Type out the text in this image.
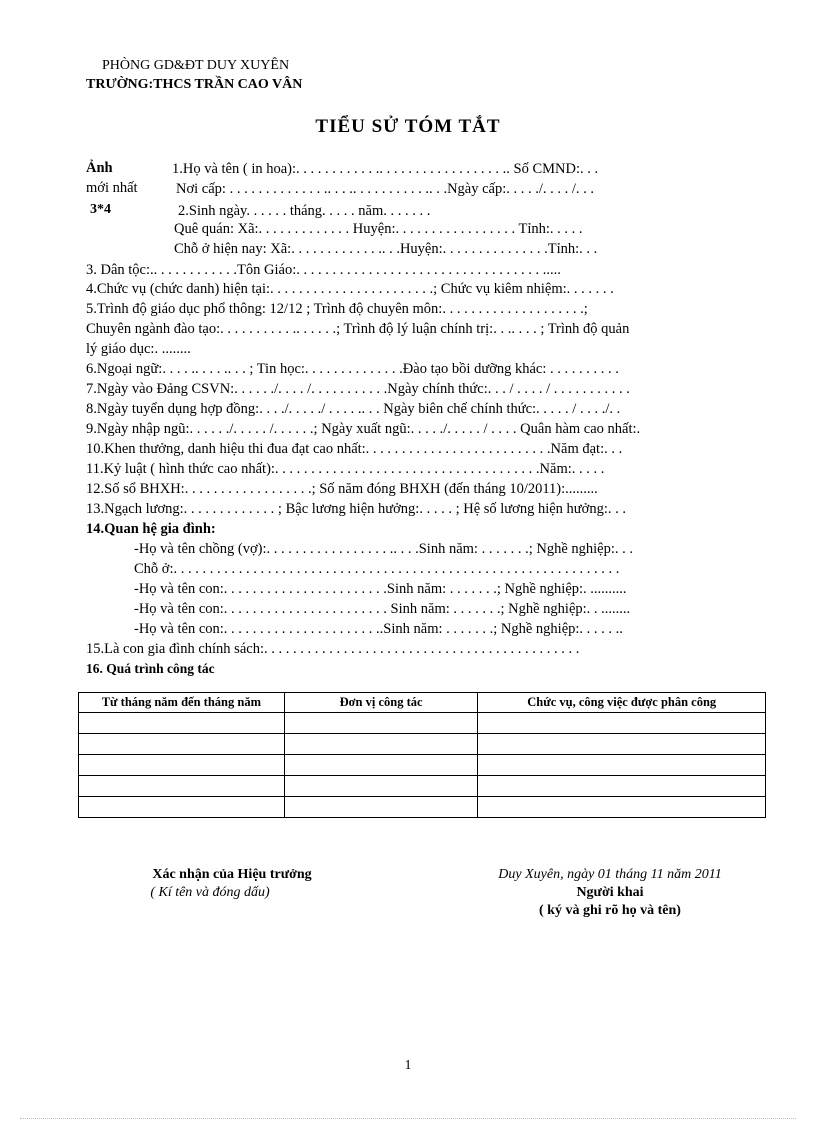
PHÒNG GD&ĐT DUY XUYÊN
TRƯỜNG:THCS TRẦN CAO VÂN
TIỂU SỬ TÓM TẮT
Ảnh
mới nhất
3*4
1.Họ và tên ( in hoa):. . . . . . . . . . . .. . . . . . . . . . . . . . . . . .. Số CMND:. . .
Nơi cấp: . . . . . . . . . . . . . .. . . .. . . . . . . . . . .. . .Ngày cấp:. . . . ./. . . . /. . .
2.Sinh ngày. . . . . . tháng. . . . . năm. . . . . . .
Quê quán: Xã:. . . . . . . . . . . . . Huyện:. . . . . . . . . . . . . . . . . Tỉnh:. . . . .
Chỗ ở hiện nay: Xã:. . . . . . . . . . . . .. . .Huyện:. . . . . . . . . . . . . . .Tỉnh:. . .
3. Dân tộc:.. . . . . . . . . . . .Tôn Giáo:. . . . . . . . . . . . . . . . . . . . . . . . . . . . . . . . . . .....
4.Chức vụ (chức danh) hiện tại:. . . . . . . . . . . . . . . . . . . . . . .; Chức vụ kiêm nhiệm:. . . . . . .
5.Trình độ giáo dục phổ thông: 12/12 ; Trình độ chuyên môn:. . . . . . . . . . . . . . . . . . . .;
Chuyên ngành đào tạo:. . . . . . . . . . .. . . . . .; Trình độ lý luận chính trị:. . .. . . . ; Trình độ quản
lý giáo dục:. ........
6.Ngoại ngữ:. . . . .. . . . .. . . ; Tin học:. . . . . . . . . . . . . .Đào tạo bồi dưỡng khác: . . . . . . . . . .
7.Ngày vào Đảng CSVN:. . . . . ./. . . . /. . . . . . . . . . .Ngày chính thức:. . . / . . . . / . . . . . . . . . . .
8.Ngày tuyển dụng hợp đồng:. . . ./. . . . ./ . . . . .. . . Ngày biên chế chính thức:. . . . . / . . . ./. .
9.Ngày nhập ngũ:. . . . . ./. . . . . /. . . . . .; Ngày xuất ngũ:. . . . ./. . . . . / . . . . Quân hàm cao nhất:.
10.Khen thưởng, danh hiệu thi đua đạt cao nhất:. . . . . . . . . . . . . . . . . . . . . . . . . .Năm đạt:. . .
11.Kỷ luật ( hình thức cao nhất):. . . . . . . . . . . . . . . . . . . . . . . . . . . . . . . . . . . . .Năm:. . . . .
12.Số sổ BHXH:. . . . . . . . . . . . . . . . . .; Số năm đóng BHXH (đến tháng 10/2011):.........
13.Ngạch lương:. . . . . . . . . . . . . ; Bậc lương hiện hưởng:. . . . . ; Hệ số lương hiện hưởng:. . .
14.Quan hệ gia đình:
-Họ và tên chồng (vợ):. . . . . . . . . . . . . . . . . .. . . .Sinh năm: . . . . . . .; Nghề nghiệp:. . .
Chỗ ở:. . . . . . . . . . . . . . . . . . . . . . . . . . . . . . . . . . . . . . . . . . . . . . . . . . . . . . . . . . . . . .
-Họ và tên con:. . . . . . . . . . . . . . . . . . . . . . .Sinh năm: . . . . . . .; Nghề nghiệp:. ..........
-Họ và tên con:. . . . . . . . . . . . . . . . . . . . . . . Sinh năm: . . . . . . .; Nghề nghiệp:. . ........
-Họ và tên con:. . . . . . . . . . . . . . . . . . . . . ..Sinh năm: . . . . . . .; Nghề nghiệp:. . . . . ..
15.Là con gia đình chính sách:. . . . . . . . . . . . . . . . . . . . . . . . . . . . . . . . . . . . . . . . . . . .
16. Quá trình công tác
Từ tháng năm đến tháng năm	Đơn vị công tác	Chức vụ, công việc được phân công

Xác nhận của Hiệu trưởng
( Kí tên và đóng dấu)
Duy Xuyên, ngày 01 tháng 11 năm 2011
Người khai
( ký và ghi rõ họ và tên)
1
